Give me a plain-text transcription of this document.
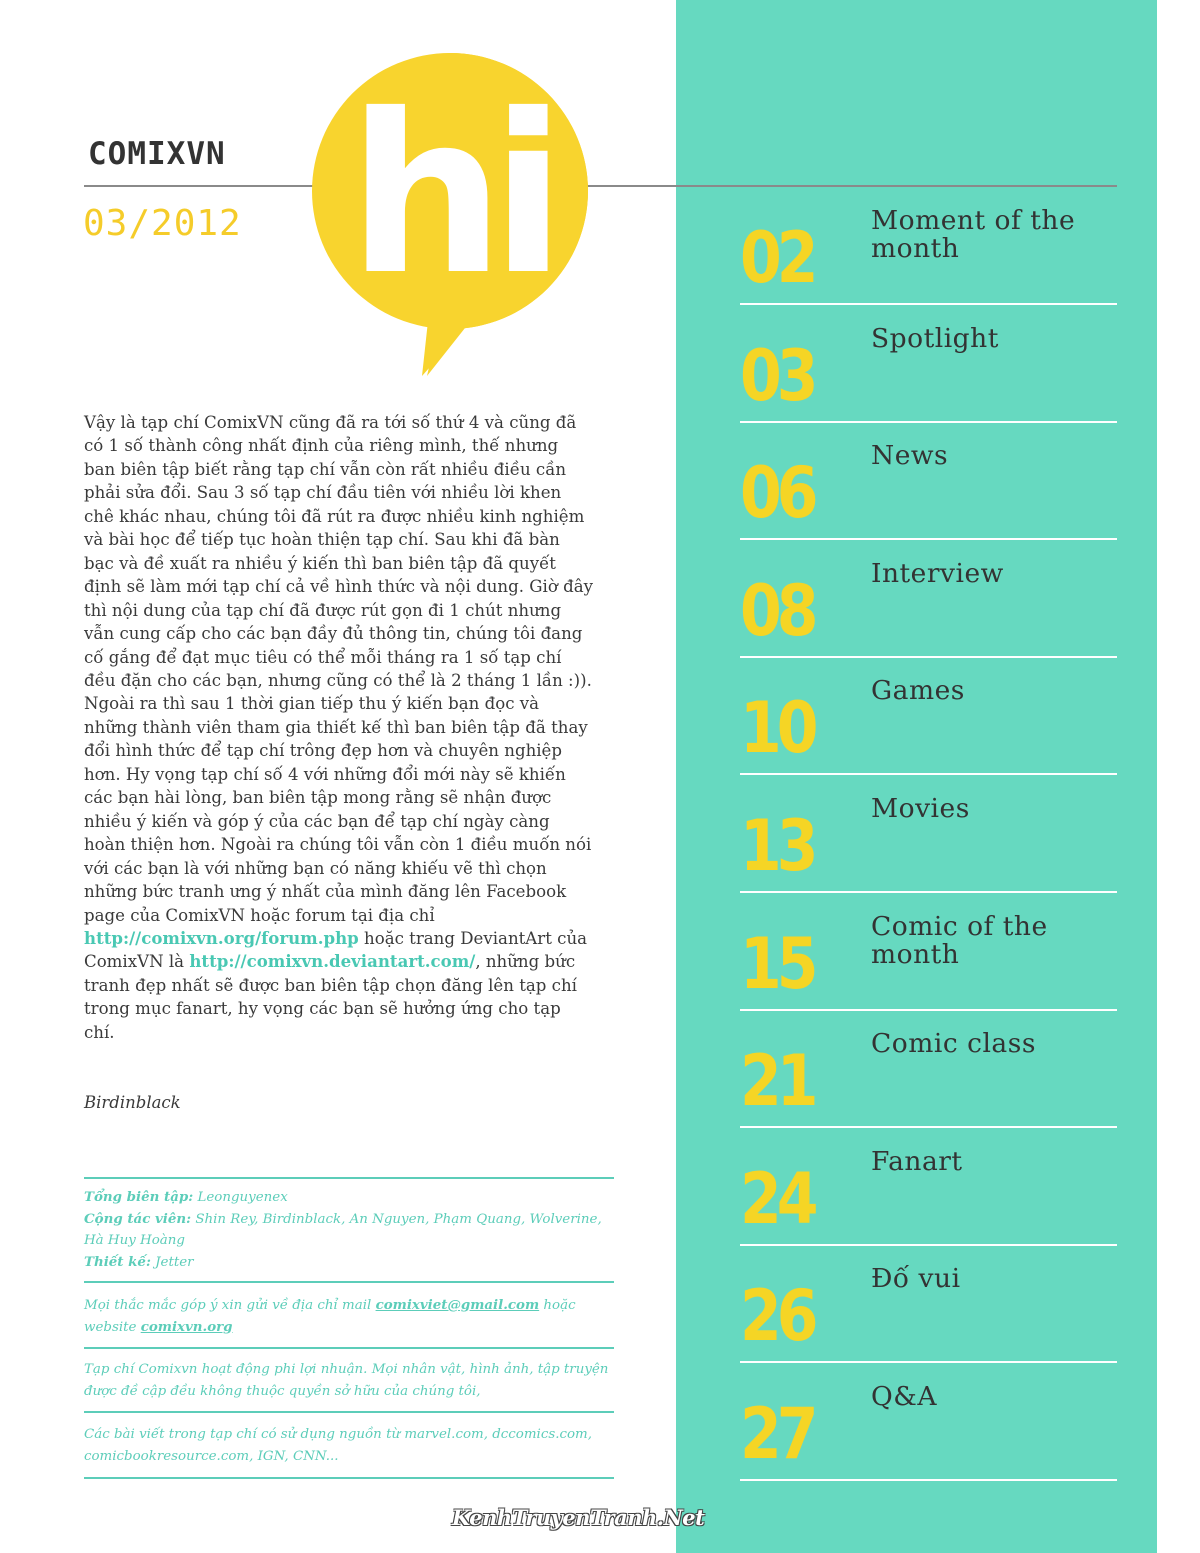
COMIXVN
03/2012 hi

Vậy là tạp chí ComixVN cũng đã ra tới số thứ 4 và cũng đã có 1 số thành công nhất định của riêng mình, thế nhưng ban biên tập biết rằng tạp chí vẫn còn rất nhiều điều cần phải sửa đổi. Sau 3 số tạp chí đầu tiên với nhiều lời khen chê khác nhau, chúng tôi đã rút ra được nhiều kinh nghiệm và bài học để tiếp tục hoàn thiện tạp chí. Sau khi đã bàn bạc và đề xuất ra nhiều ý kiến thì ban biên tập đã quyết định sẽ làm mới tạp chí cả về hình thức và nội dung. Giờ đây thì nội dung của tạp chí đã được rút gọn đi 1 chút nhưng vẫn cung cấp cho các bạn đầy đủ thông tin, chúng tôi đang cố gắng để đạt mục tiêu có thể mỗi tháng ra 1 số tạp chí đều đặn cho các bạn, nhưng cũng có thể là 2 tháng 1 lần :)). Ngoài ra thì sau 1 thời gian tiếp thu ý kiến bạn đọc và những thành viên tham gia thiết kế thì ban biên tập đã thay đổi hình thức để tạp chí trông đẹp hơn và chuyên nghiệp hơn. Hy vọng tạp chí số 4 với những đổi mới này sẽ khiến các bạn hài lòng, ban biên tập mong rằng sẽ nhận được nhiều ý kiến và góp ý của các bạn để tạp chí ngày càng hoàn thiện hơn. Ngoài ra chúng tôi vẫn còn 1 điều muốn nói với các bạn là với những bạn có năng khiếu vẽ thì chọn những bức tranh ưng ý nhất của mình đăng lên Facebook page của ComixVN hoặc forum tại địa chỉ http://comixvn.org/forum.php hoặc trang DeviantArt của ComixVN là http://comixvn.deviantart.com/, những bức tranh đẹp nhất sẽ được ban biên tập chọn đăng lên tạp chí trong mục fanart, hy vọng các bạn sẽ hưởng ứng cho tạp chí.

Birdinblack
Tổng biên tập: Leonguyenex
Cộng tác viên: Shin Rey, Birdinblack, An Nguyen, Phạm Quang, Wolverine, Hà Huy Hoàng
Thiết kế: Jetter
Mọi thắc mắc góp ý xin gửi về địa chỉ mail comixviet@gmail.com hoặc website comixvn.org
Tạp chí Comixvn hoạt động phi lợi nhuận. Mọi nhân vật, hình ảnh, tập truyện được đề cập đều không thuộc quyền sở hữu của chúng tôi,
Các bài viết trong tạp chí có sử dụng nguồn từ marvel.com, dccomics.com, comicbookresource.com, IGN, CNN...
02	Moment of the month
03	Spotlight
06	News
08	Interview
10	Games
13	Movies
15	Comic of the month
21	Comic class
24	Fanart
26	Đố vui
27	Q&A
KenhTruyenTranh.Net
